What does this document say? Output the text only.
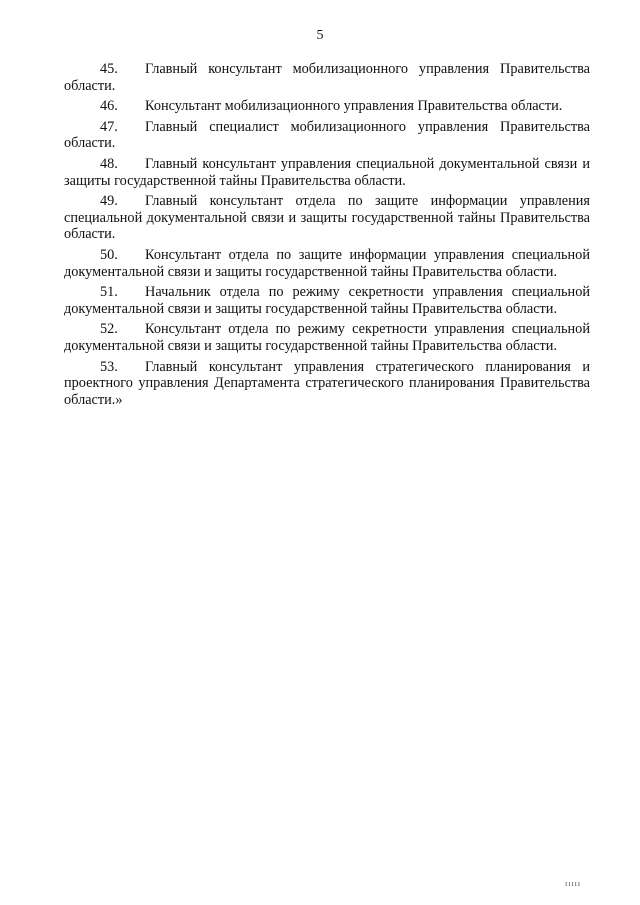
5

45. Главный консультант мобилизационного управления Правительства области.

46. Консультант мобилизационного управления Правительства области.

47. Главный специалист мобилизационного управления Правительства области.

48. Главный консультант управления специальной документальной связи и защиты государственной тайны Правительства области.

49. Главный консультант отдела по защите информации управления специальной документальной связи и защиты государственной тайны Правительства области.

50. Консультант отдела по защите информации управления специальной документальной связи и защиты государственной тайны Правительства области.

51. Начальник отдела по режиму секретности управления специальной документальной связи и защиты государственной тайны Правительства области.

52. Консультант отдела по режиму секретности управления специальной документальной связи и защиты государственной тайны Правительства области.

53. Главный консультант управления стратегического планирования и проектного управления Департамента стратегического планирования Правительства области.»

ııııı
